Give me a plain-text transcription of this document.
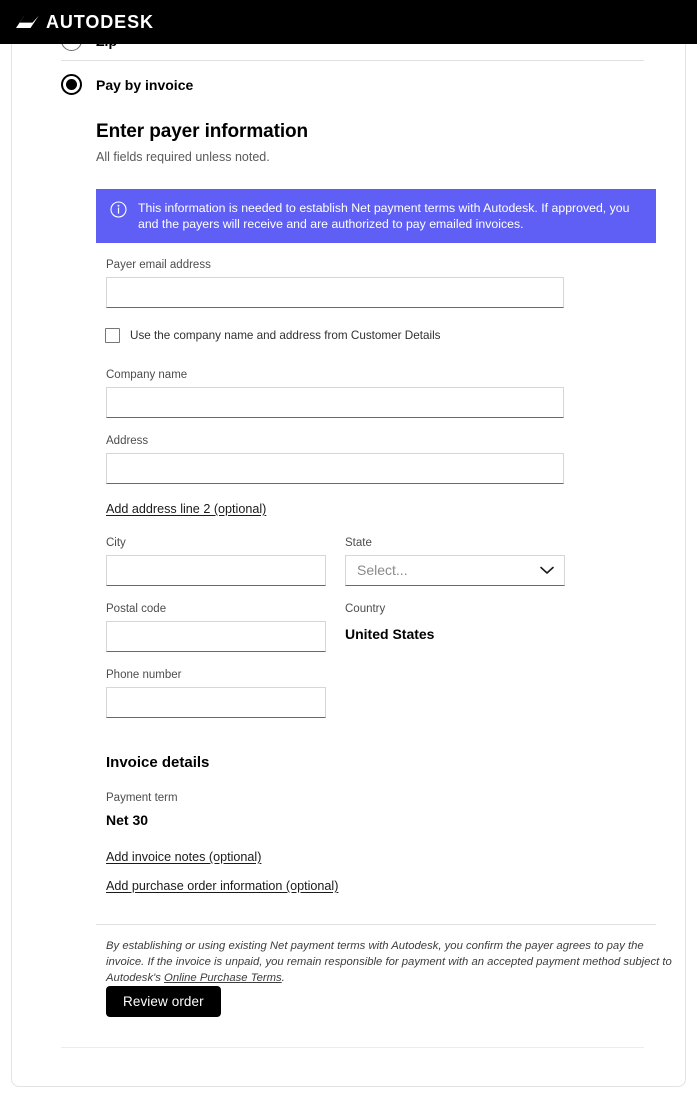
AUTODESK
Pay by invoice
Enter payer information
All fields required unless noted.
This information is needed to establish Net payment terms with Autodesk. If approved, you and the payers will receive and are authorized to pay emailed invoices.
Payer email address
Use the company name and address from Customer Details
Company name
Address
Add address line 2 (optional)
City	State
Select...
Postal code	Country
United States
Phone number
Invoice details
Payment term
Net 30
Add invoice notes (optional)
Add purchase order information (optional)
By establishing or using existing Net payment terms with Autodesk, you confirm the payer agrees to pay the invoice. If the invoice is unpaid, you remain responsible for payment with an accepted payment method subject to Autodesk's Online Purchase Terms.
Review order
